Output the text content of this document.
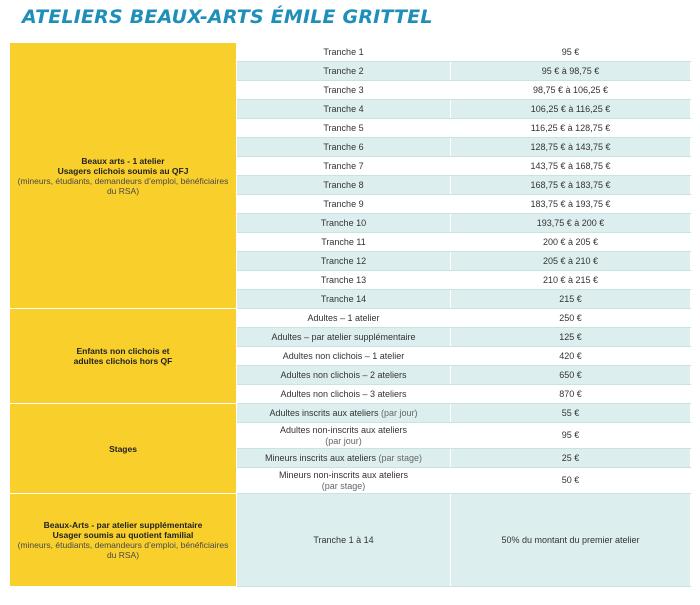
ATELIERS BEAUX-ARTS ÉMILE GRITTEL
Beaux arts - 1 atelier
Usagers clichois soumis au QFJ
(mineurs, étudiants, demandeurs d’emploi, bénéficiaires du RSA)	Tranche 1	95 €
	Tranche 2	95 € à 98,75 €
	Tranche 3	98,75 € à 106,25 €
	Tranche 4	106,25 € à 116,25 €
	Tranche 5	116,25 € à 128,75 €
	Tranche 6	128,75 € à 143,75 €
	Tranche 7	143,75 € à 168,75 €
	Tranche 8	168,75 € à 183,75 €
	Tranche 9	183,75 € à 193,75 €
	Tranche 10	193,75 € à 200 €
	Tranche 11	200 € à 205 €
	Tranche 12	205 € à 210 €
	Tranche 13	210 € à 215 €
	Tranche 14	215 €

Enfants non clichois et
adultes clichois hors QF	Adultes – 1 atelier	250 €
	Adultes – par atelier supplémentaire	125 €
	Adultes non clichois – 1 atelier	420 €
	Adultes non clichois – 2 ateliers	650 €
	Adultes non clichois – 3 ateliers	870 €

Stages	Adultes inscrits aux ateliers (par jour)	55 €
	Adultes non-inscrits aux ateliers
(par jour)	95 €
	Mineurs inscrits aux ateliers (par stage)	25 €
	Mineurs non-inscrits aux ateliers
(par stage)	50 €

Beaux-Arts - par atelier supplémentaire
Usager soumis au quotient familial
(mineurs, étudiants, demandeurs d’emploi, bénéficiaires du RSA)	Tranche 1 à 14	50% du montant du premier atelier
